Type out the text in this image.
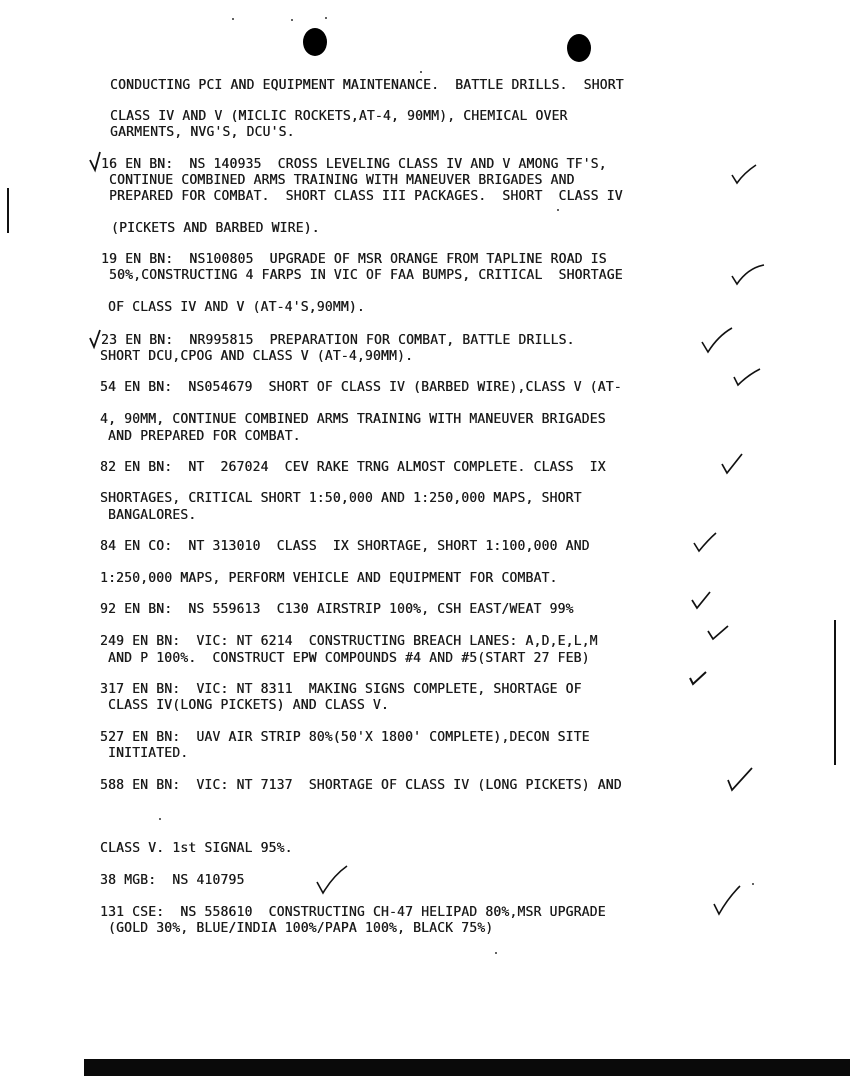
CONDUCTING PCI AND EQUIPMENT MAINTENANCE.  BATTLE DRILLS.  SHORT
CLASS IV AND V (MICLIC ROCKETS,AT-4, 90MM), CHEMICAL OVER
GARMENTS, NVG'S, DCU'S.
16 EN BN:  NS 140935  CROSS LEVELING CLASS IV AND V AMONG TF'S,
CONTINUE COMBINED ARMS TRAINING WITH MANEUVER BRIGADES AND
PREPARED FOR COMBAT.  SHORT CLASS III PACKAGES.  SHORT  CLASS IV
(PICKETS AND BARBED WIRE).
19 EN BN:  NS100805  UPGRADE OF MSR ORANGE FROM TAPLINE ROAD IS
50%,CONSTRUCTING 4 FARPS IN VIC OF FAA BUMPS, CRITICAL  SHORTAGE
OF CLASS IV AND V (AT-4'S,90MM).
23 EN BN:  NR995815  PREPARATION FOR COMBAT, BATTLE DRILLS.
SHORT DCU,CPOG AND CLASS V (AT-4,90MM).
54 EN BN:  NS054679  SHORT OF CLASS IV (BARBED WIRE),CLASS V (AT-
4, 90MM, CONTINUE COMBINED ARMS TRAINING WITH MANEUVER BRIGADES
AND PREPARED FOR COMBAT.
82 EN BN:  NT  267024  CEV RAKE TRNG ALMOST COMPLETE. CLASS  IX
SHORTAGES, CRITICAL SHORT 1:50,000 AND 1:250,000 MAPS, SHORT
BANGALORES.
84 EN CO:  NT 313010  CLASS  IX SHORTAGE, SHORT 1:100,000 AND
1:250,000 MAPS, PERFORM VEHICLE AND EQUIPMENT FOR COMBAT.
92 EN BN:  NS 559613  C130 AIRSTRIP 100%, CSH EAST/WEAT 99%
249 EN BN:  VIC: NT 6214  CONSTRUCTING BREACH LANES: A,D,E,L,M
AND P 100%.  CONSTRUCT EPW COMPOUNDS #4 AND #5(START 27 FEB)
317 EN BN:  VIC: NT 8311  MAKING SIGNS COMPLETE, SHORTAGE OF
CLASS IV(LONG PICKETS) AND CLASS V.
527 EN BN:  UAV AIR STRIP 80%(50'X 1800' COMPLETE),DECON SITE
INITIATED.
588 EN BN:  VIC: NT 7137  SHORTAGE OF CLASS IV (LONG PICKETS) AND
CLASS V. 1st SIGNAL 95%.
38 MGB:  NS 410795
131 CSE:  NS 558610  CONSTRUCTING CH-47 HELIPAD 80%,MSR UPGRADE
(GOLD 30%, BLUE/INDIA 100%/PAPA 100%, BLACK 75%)
